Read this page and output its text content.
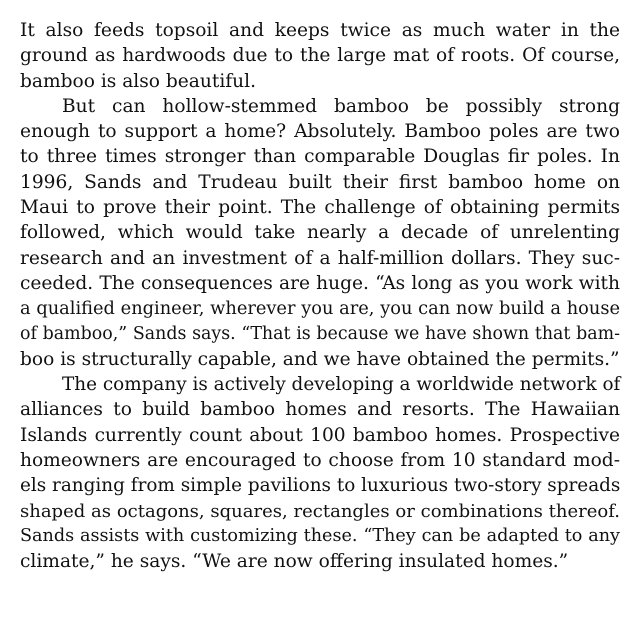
It also feeds topsoil and keeps twice as much water in the
ground as hardwoods due to the large mat of roots. Of course,
bamboo is also beautiful.
But can hollow-stemmed bamboo be possibly strong
enough to support a home? Absolutely. Bamboo poles are two
to three times stronger than comparable Douglas fir poles. In
1996, Sands and Trudeau built their first bamboo home on
Maui to prove their point. The challenge of obtaining permits
followed, which would take nearly a decade of unrelenting
research and an investment of a half-million dollars. They suc-
ceeded. The consequences are huge. “As long as you work with
a qualified engineer, wherever you are, you can now build a house
of bamboo,” Sands says. “That is because we have shown that bam-
boo is structurally capable, and we have obtained the permits.”
The company is actively developing a worldwide network of
alliances to build bamboo homes and resorts. The Hawaiian
Islands currently count about 100 bamboo homes. Prospective
homeowners are encouraged to choose from 10 standard mod-
els ranging from simple pavilions to luxurious two-story spreads
shaped as octagons, squares, rectangles or combinations thereof.
Sands assists with customizing these. “They can be adapted to any
climate,” he says. “We are now offering insulated homes.”
